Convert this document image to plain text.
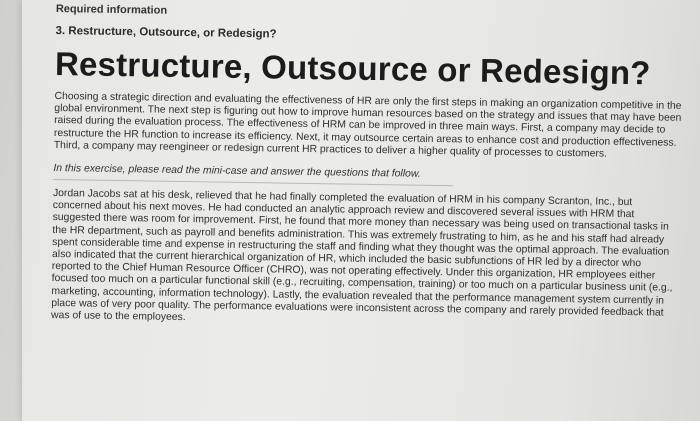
Required information

3. Restructure, Outsource, or Redesign?

Restructure, Outsource or Redesign?

Choosing a strategic direction and evaluating the effectiveness of HR are only the first steps in making an organization competitive in the global environment. The next step is figuring out how to improve human resources based on the strategy and issues that may have been raised during the evaluation process. The effectiveness of HRM can be improved in three main ways. First, a company may decide to restructure the HR function to increase its efficiency. Next, it may outsource certain areas to enhance cost and production effectiveness. Third, a company may reengineer or redesign current HR practices to deliver a higher quality of processes to customers.

In this exercise, please read the mini-case and answer the questions that follow.

Jordan Jacobs sat at his desk, relieved that he had finally completed the evaluation of HRM in his company Scranton, Inc., but concerned about his next moves. He had conducted an analytic approach review and discovered several issues with HRM that suggested there was room for improvement. First, he found that more money than necessary was being used on transactional tasks in the HR department, such as payroll and benefits administration. This was extremely frustrating to him, as he and his staff had already spent considerable time and expense in restructuring the staff and finding what they thought was the optimal approach. The evaluation also indicated that the current hierarchical organization of HR, which included the basic subfunctions of HR led by a director who reported to the Chief Human Resource Officer (CHRO), was not operating effectively. Under this organization, HR employees either focused too much on a particular functional skill (e.g., recruiting, compensation, training) or too much on a particular business unit (e.g., marketing, accounting, information technology). Lastly, the evaluation revealed that the performance management system currently in place was of very poor quality. The performance evaluations were inconsistent across the company and rarely provided feedback that was of use to the employees.
